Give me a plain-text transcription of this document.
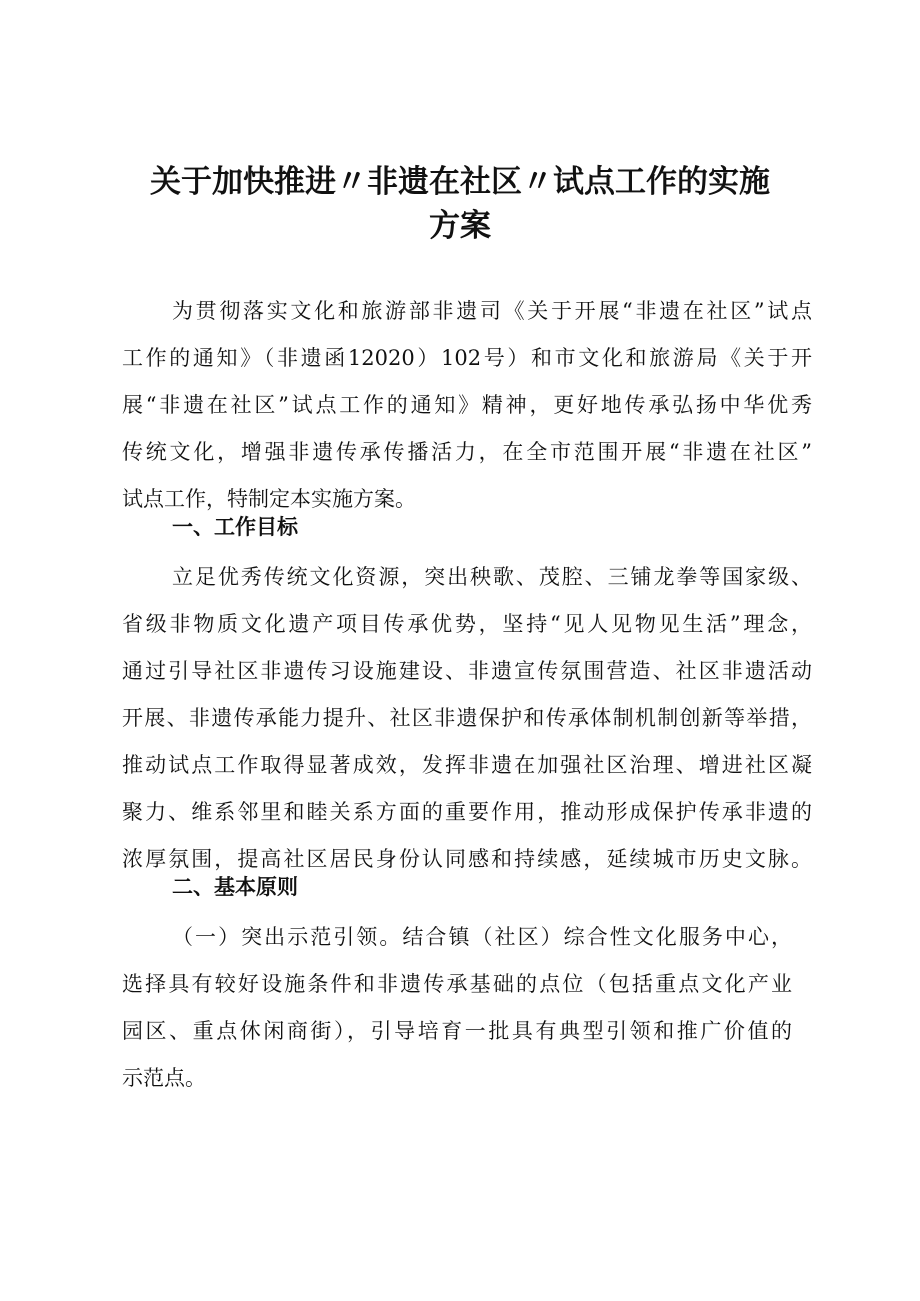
关于加快推进〃非遗在社区〃试点工作的实施
方案
为贯彻落实文化和旅游部非遗司《关于开展“非遗在社区”试点
工作的通知》（非遗函12020）102号）和市文化和旅游局《关于开
展“非遗在社区”试点工作的通知》精神，更好地传承弘扬中华优秀
传统文化，增强非遗传承传播活力，在全市范围开展“非遗在社区”
试点工作，特制定本实施方案。
一、工作目标
立足优秀传统文化资源，突出秧歌、茂腔、三铺龙拳等国家级、
省级非物质文化遗产项目传承优势，坚持“见人见物见生活”理念，
通过引导社区非遗传习设施建设、非遗宣传氛围营造、社区非遗活动
开展、非遗传承能力提升、社区非遗保护和传承体制机制创新等举措，
推动试点工作取得显著成效，发挥非遗在加强社区治理、增进社区凝
聚力、维系邻里和睦关系方面的重要作用，推动形成保护传承非遗的
浓厚氛围，提高社区居民身份认同感和持续感，延续城市历史文脉。
二、基本原则
（一）突出示范引领。结合镇（社区）综合性文化服务中心，
选择具有较好设施条件和非遗传承基础的点位（包括重点文化产业
园区、重点休闲商街），引导培育一批具有典型引领和推广价值的
示范点。
